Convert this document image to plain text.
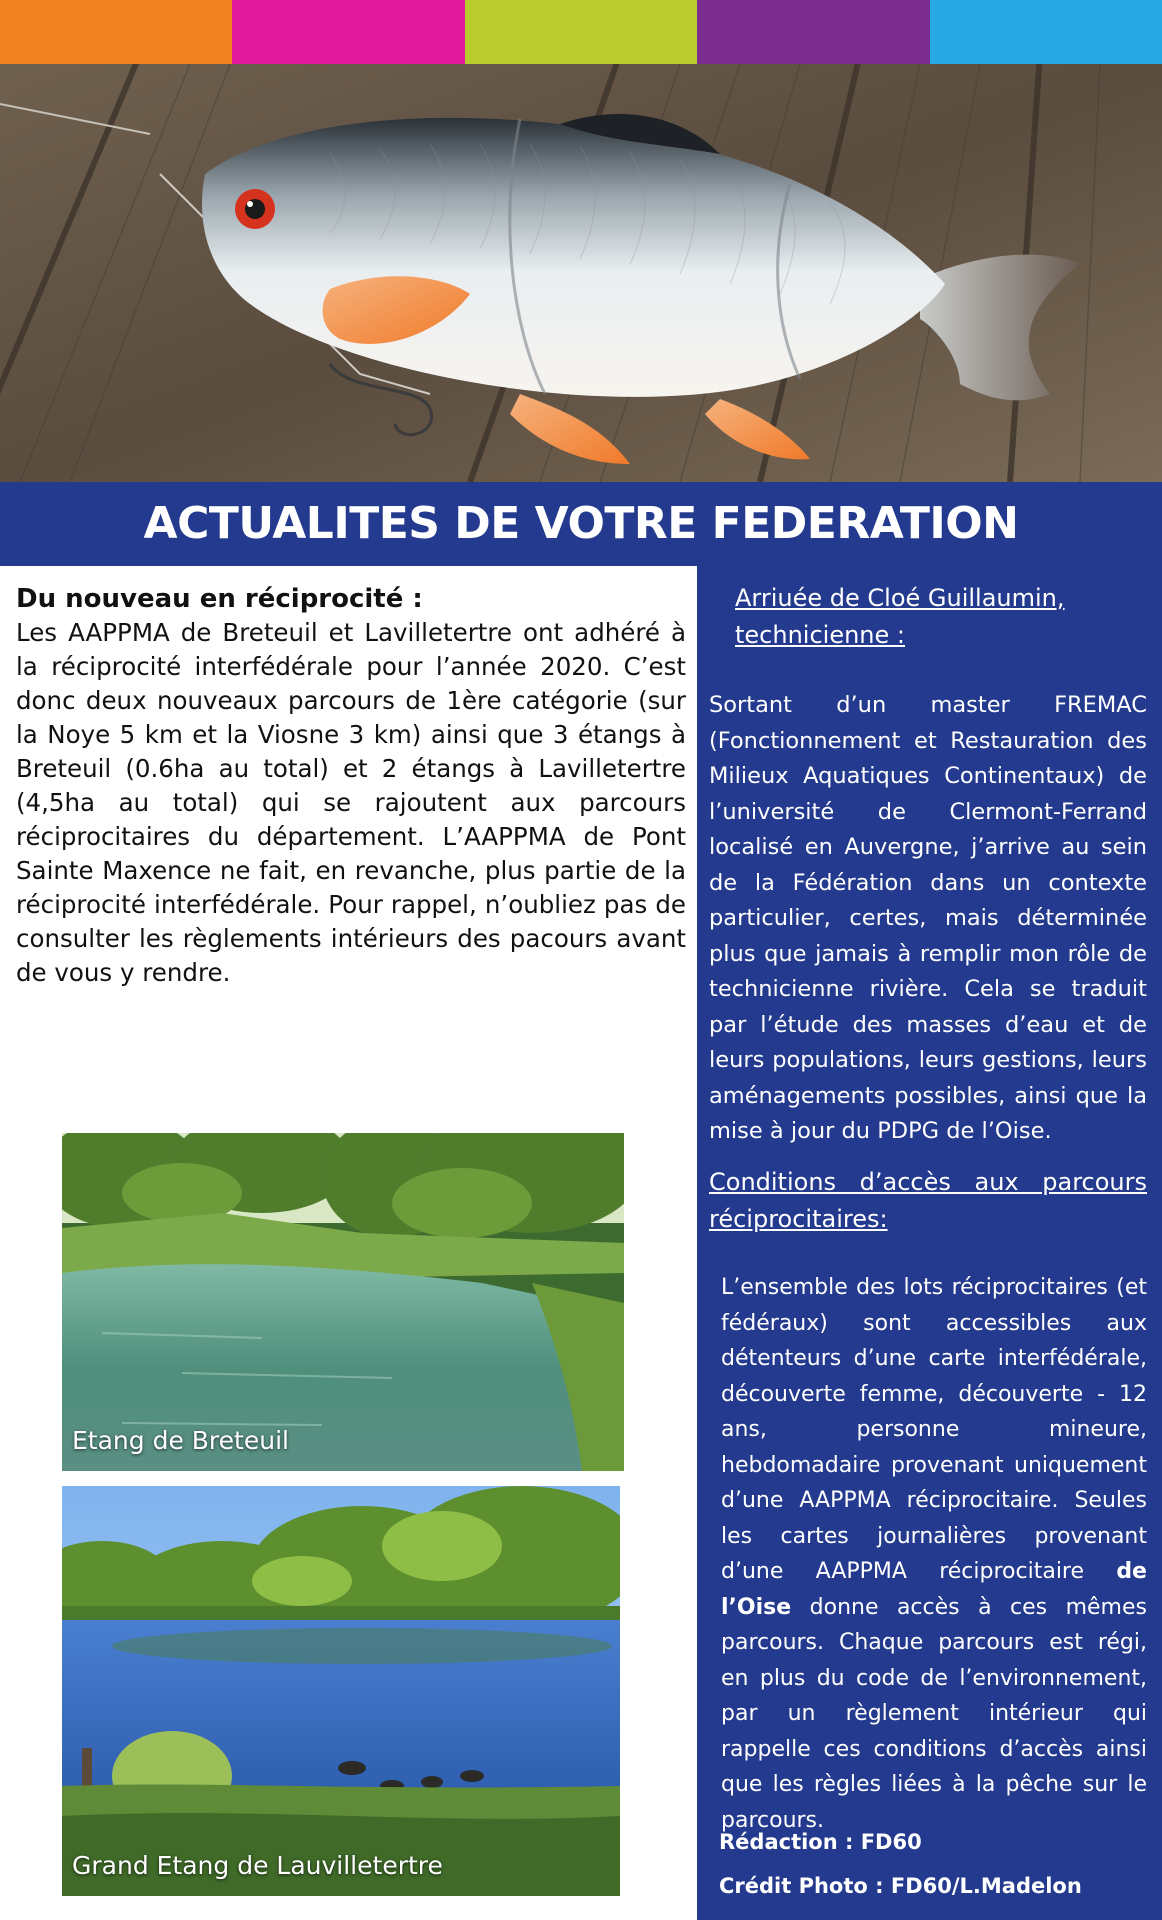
ACTUALITES DE VOTRE FEDERATION
Du nouveau en réciprocité :

Les AAPPMA de Breteuil et Lavilletertre ont adhéré à la réciprocité interfédérale pour l’année 2020. C’est donc deux nouveaux parcours de 1ère catégorie (sur la Noye 5 km et la Viosne 3 km) ainsi que 3 étangs à Breteuil (0.6ha au total) et 2 étangs à Lavilletertre (4,5ha au total) qui se rajoutent aux parcours réciprocitaires du département. L’AAPPMA de Pont Sainte Maxence ne fait, en revanche, plus partie de la réciprocité interfédérale. Pour rappel, n’oubliez pas de consulter les règlements intérieurs des pacours avant de vous y rendre.

Etang de Breteuil
Grand Etang de Lauvilletertre
Arriuée de Cloé Guillaumin, technicienne :

Sortant d’un master FREMAC (Fonctionnement et Restauration des Milieux Aquatiques Continentaux) de l’université de Clermont-Ferrand localisé en Auvergne, j’arrive au sein de la Fédération dans un contexte particulier, certes, mais déterminée plus que jamais à remplir mon rôle de technicienne rivière. Cela se traduit par l’étude des masses d’eau et de leurs populations, leurs gestions, leurs aménagements possibles, ainsi que la mise à jour du PDPG de l’Oise.

Conditions d’accès aux parcours réciprocitaires:

L’ensemble des lots réciprocitaires (et fédéraux) sont accessibles aux détenteurs d’une carte interfédérale, découverte femme, découverte - 12 ans, personne mineure, hebdomadaire provenant uniquement d’une AAPPMA réciprocitaire. Seules les cartes journalières provenant d’une AAPPMA réciprocitaire de l’Oise donne accès à ces mêmes parcours. Chaque parcours est régi, en plus du code de l’environnement, par un règlement intérieur qui rappelle ces conditions d’accès ainsi que les règles liées à la pêche sur le parcours.

Rédaction : FD60
Crédit Photo : FD60/L.Madelon
